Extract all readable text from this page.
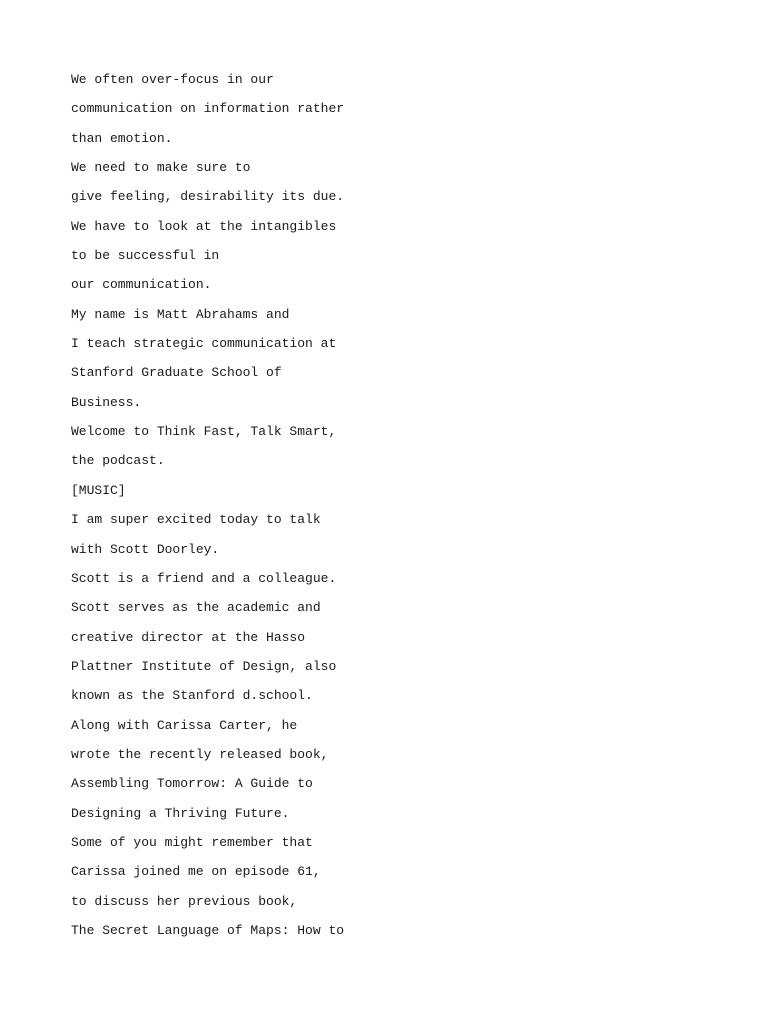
We often over-focus in our
communication on information rather
than emotion.
We need to make sure to
give feeling, desirability its due.
We have to look at the intangibles
to be successful in
our communication.
My name is Matt Abrahams and
I teach strategic communication at
Stanford Graduate School of
Business.
Welcome to Think Fast, Talk Smart,
the podcast.
[MUSIC]
I am super excited today to talk
with Scott Doorley.
Scott is a friend and a colleague.
Scott serves as the academic and
creative director at the Hasso
Plattner Institute of Design, also
known as the Stanford d.school.
Along with Carissa Carter, he
wrote the recently released book,
Assembling Tomorrow: A Guide to
Designing a Thriving Future.
Some of you might remember that
Carissa joined me on episode 61,
to discuss her previous book,
The Secret Language of Maps: How to
